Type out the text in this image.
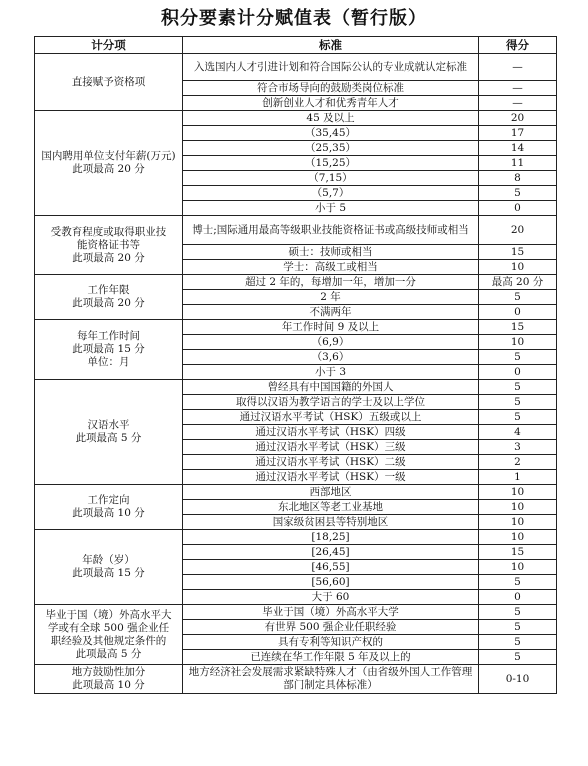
积分要素计分赋值表（暂行版）
计分项	标准	得分

直接赋予资格项	入选国内人才引进计划和符合国际公认的专业成就认定标准	—
	符合市场导向的鼓励类岗位标准	—
	创新创业人才和优秀青年人才	—

国内聘用单位支付年薪(万元)
此项最高 20 分	45 及以上	20
	（35,45）	17
	（25,35）	14
	（15,25）	11
	（7,15）	8
	（5,7）	5
	小于 5	0

受教育程度或取得职业技
能资格证书等
此项最高 20 分	博士;国际通用最高等级职业技能资格证书或高级技师或相当	20
	硕士：技师或相当	15
	学士：高级工或相当	10

工作年限
此项最高 20 分	超过 2 年的，每增加一年，增加一分	最高 20 分
	2 年	5
	不满两年	0

每年工作时间
此项最高 15 分
单位：月	年工作时间 9 及以上	15
	（6,9）	10
	（3,6）	5
	小于 3	0

汉语水平
此项最高 5 分	曾经具有中国国籍的外国人	5
	取得以汉语为教学语言的学士及以上学位	5
	通过汉语水平考试（HSK）五级或以上	5
	通过汉语水平考试（HSK）四级	4
	通过汉语水平考试（HSK）三级	3
	通过汉语水平考试（HSK）二级	2
	通过汉语水平考试（HSK）一级	1

工作定向
此项最高 10 分	西部地区	10
	东北地区等老工业基地	10
	国家级贫困县等特别地区	10

年龄（岁）
此项最高 15 分	[18,25]	10
	[26,45]	15
	[46,55]	10
	[56,60]	5
	大于 60	0

毕业于国（境）外高水平大
学或有全球 500 强企业任
职经验及其他规定条件的
此项最高 5 分	毕业于国（境）外高水平大学	5
	有世界 500 强企业任职经验	5
	具有专利等知识产权的	5
	已连续在华工作年限 5 年及以上的	5

地方鼓励性加分
此项最高 10 分	地方经济社会发展需求紧缺特殊人才（由省级外国人工作管理部门制定具体标准）	0-10
